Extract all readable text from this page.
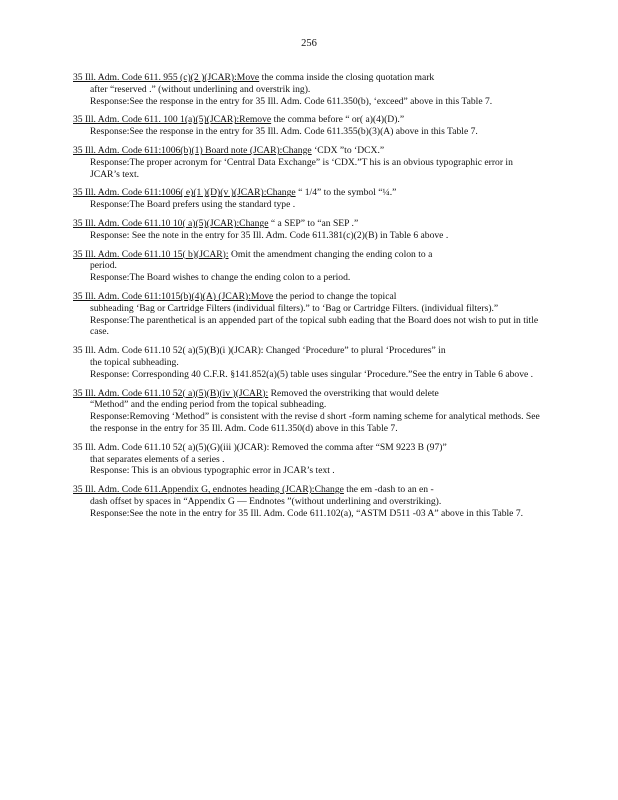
256
35 Ill. Adm. Code 611. 955 (c)(2 )(JCAR):Move the comma inside the closing quotation mark
after “reserved .” (without underlining and overstrik ing).
Response:See the response in the entry for 35 Ill. Adm. Code 611.350(b), ‘exceed” above in this Table 7.
35 Ill. Adm. Code 611. 100 1(a)(5)(JCAR):Remove the comma before “ or( a)(4)(D).”
Response:See the response in the entry for 35 Ill. Adm. Code 611.355(b)(3)(A) above in this Table 7.
35 Ill. Adm. Code 611:1006(b)(1) Board note (JCAR):Change ‘CDX ”to ‘DCX.”
Response:The proper acronym for ‘Central Data Exchange” is ‘CDX.”T his is an obvious typographic error in JCAR’s text.
35 Ill. Adm. Code 611:1006( e)(1 )(D)(v )(JCAR):Change “ 1/4” to the symbol “¼.”
Response:The Board prefers using the standard type .
35 Ill. Adm. Code 611.10 10( a)(5)(JCAR):Change “ a SEP” to “an SEP .”
Response: See the note in the entry for 35 Ill. Adm. Code 611.381(c)(2)(B) in Table 6 above .
35 Ill. Adm. Code 611.10 15( b)(JCAR): Omit the amendment changing the ending colon to a
period.
Response:The Board wishes to change the ending colon to a period.
35 Ill. Adm. Code 611:1015(b)(4)(A) (JCAR):Move the period to change the topical
subheading ‘Bag or Cartridge Filters (individual filters).” to ‘Bag or Cartridge Filters. (individual filters).”
Response:The parenthetical is an appended part of the topical subh eading that the Board does not wish to put in title case.
35 Ill. Adm. Code 611.10 52( a)(5)(B)(i )(JCAR): Changed ‘Procedure” to plural ‘Procedures” in
the topical subheading.
Response: Corresponding 40 C.F.R. §141.852(a)(5) table uses singular ‘Procedure.”See the entry in Table 6 above .
35 Ill. Adm. Code 611.10 52( a)(5)(B)(iv )(JCAR): Removed the overstriking that would delete
“Method” and the ending period from the topical subheading.
Response:Removing ‘Method” is consistent with the revise d short -form naming scheme for analytical methods. See the response in the entry for 35 Ill. Adm. Code 611.350(d) above in this Table 7.
35 Ill. Adm. Code 611.10 52( a)(5)(G)(iii )(JCAR): Removed the comma after “SM 9223 B (97)”
that separates elements of a series .
Response: This is an obvious typographic error in JCAR’s text .
35 Ill. Adm. Code 611.Appendix G, endnotes heading (JCAR):Change the em -dash to an en -
dash offset by spaces in “Appendix G — Endnotes ”(without underlining and overstriking).
Response:See the note in the entry for 35 Ill. Adm. Code 611.102(a), “ASTM D511 -03 A” above in this Table 7.
